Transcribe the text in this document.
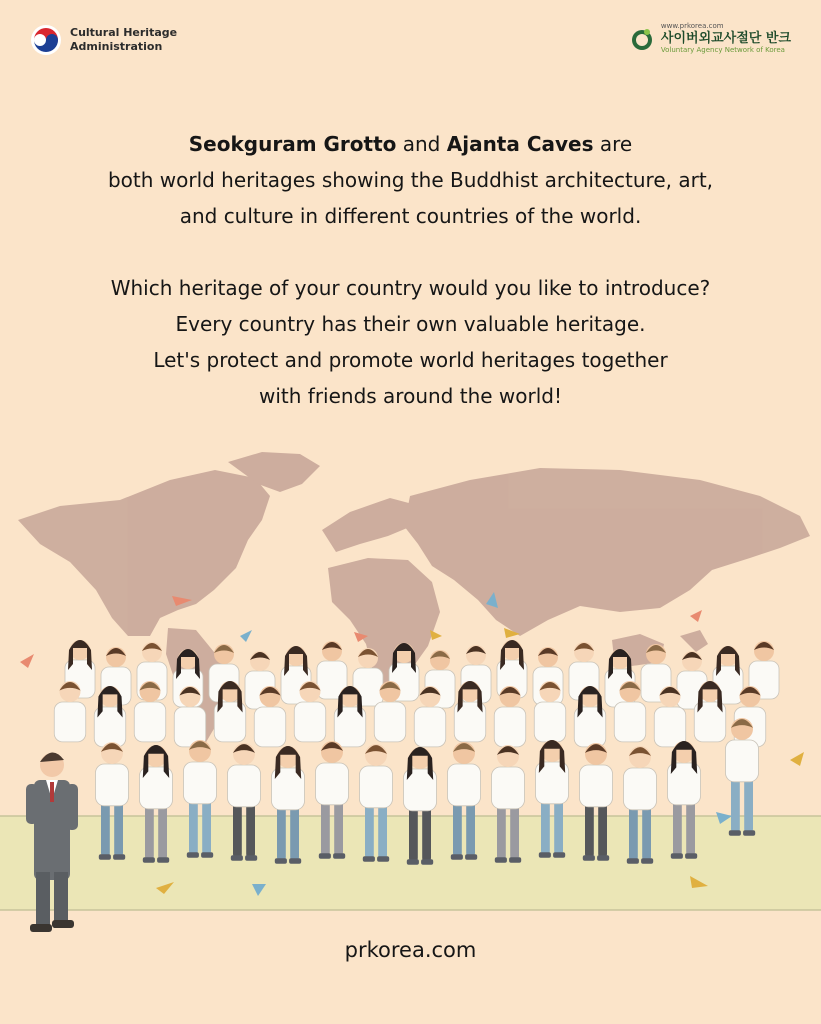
Cultural Heritage
Administration
www.prkorea.com
사이버외교사절단 반크
Voluntary Agency Network of Korea

Seokguram Grotto and Ajanta Caves are

both world heritages showing the Buddhist architecture, art,

and culture in different countries of the world.

Which heritage of your country would you like to introduce?

Every country has their own valuable heritage.

Let's protect and promote world heritages together

with friends around the world!

prkorea.com
